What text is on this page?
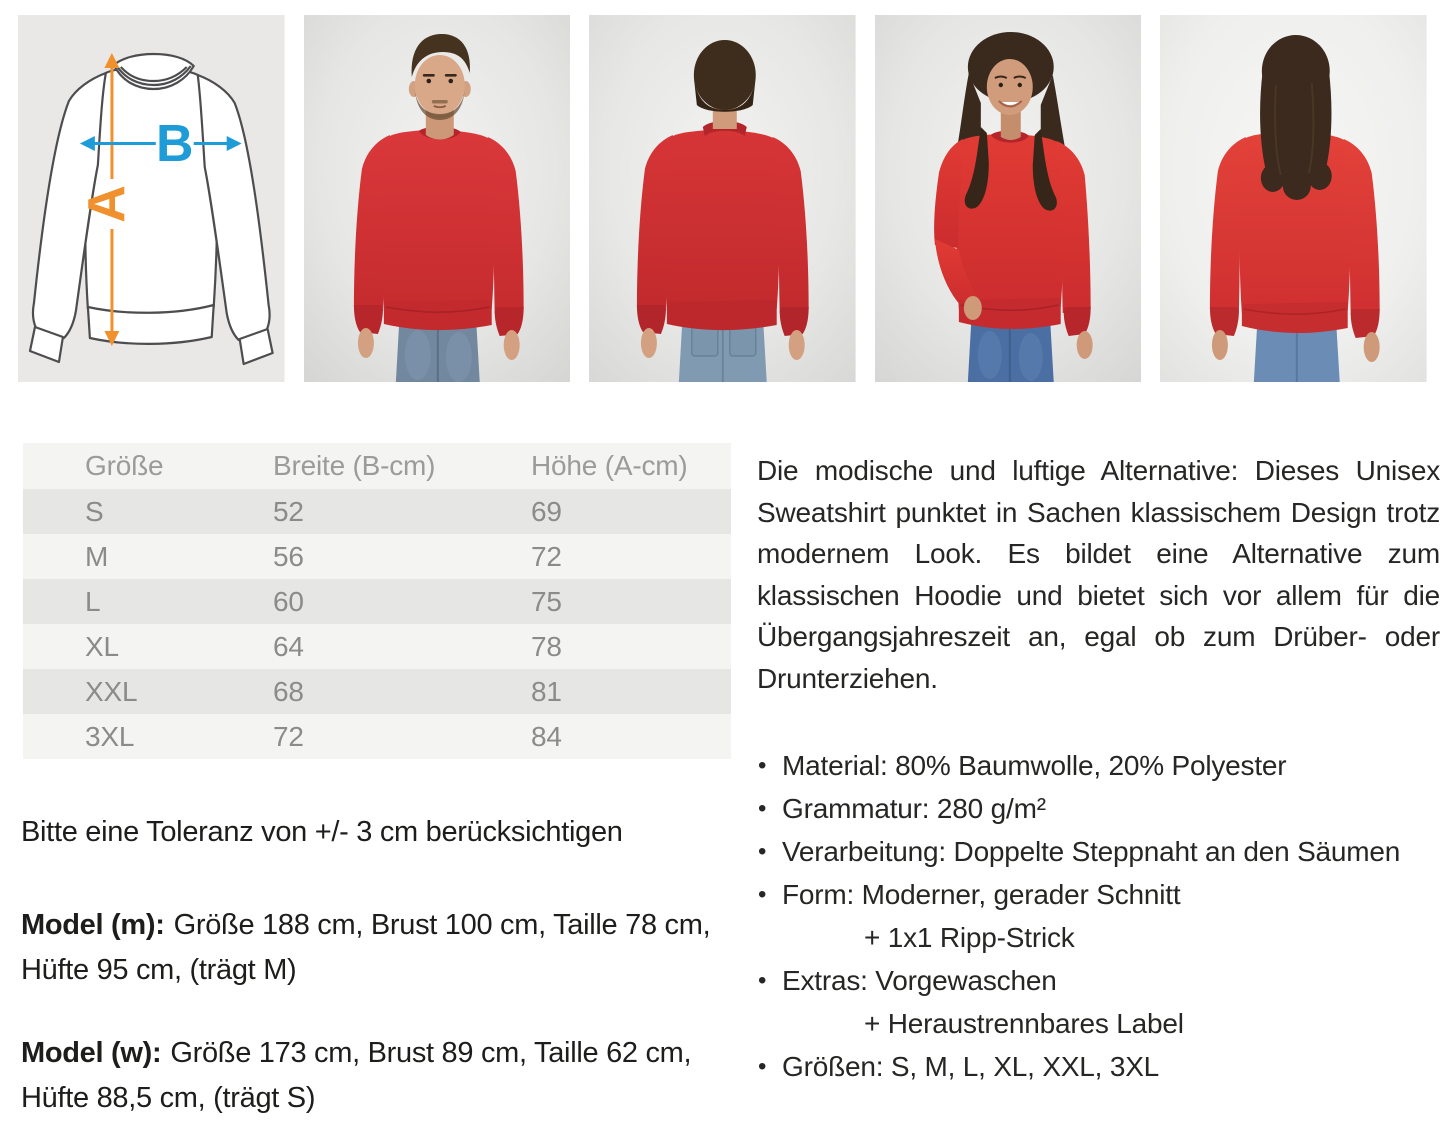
A
B
Größe	Breite (B-cm)	Höhe (A-cm)
S	52	69
M	56	72
L	60	75
XL	64	78
XXL	68	81
3XL	72	84
Bitte eine Toleranz von +/- 3 cm berücksichtigen
Model (m): Größe 188 cm, Brust 100 cm, Taille 78 cm, Hüfte 95 cm, (trägt M)
Model (w): Größe 173 cm, Brust 89 cm, Taille 62 cm, Hüfte 88,5 cm, (trägt S)
Die modische und luftige Alternative: Dieses Unisex Sweatshirt punktet in Sachen klassischem Design trotz modernem Look. Es bildet eine Alternative zum klassischen Hoodie und bietet sich vor allem für die Übergangsjahreszeit an, egal ob zum Drüber- oder Drunterziehen.
• Material: 80% Baumwolle, 20% Polyester
• Grammatur: 280 g/m²
• Verarbeitung: Doppelte Steppnaht an den Säumen
• Form: Moderner, gerader Schnitt
+ 1x1 Ripp-Strick
• Extras: Vorgewaschen
+ Heraustrennbares Label
• Größen: S, M, L, XL, XXL, 3XL
